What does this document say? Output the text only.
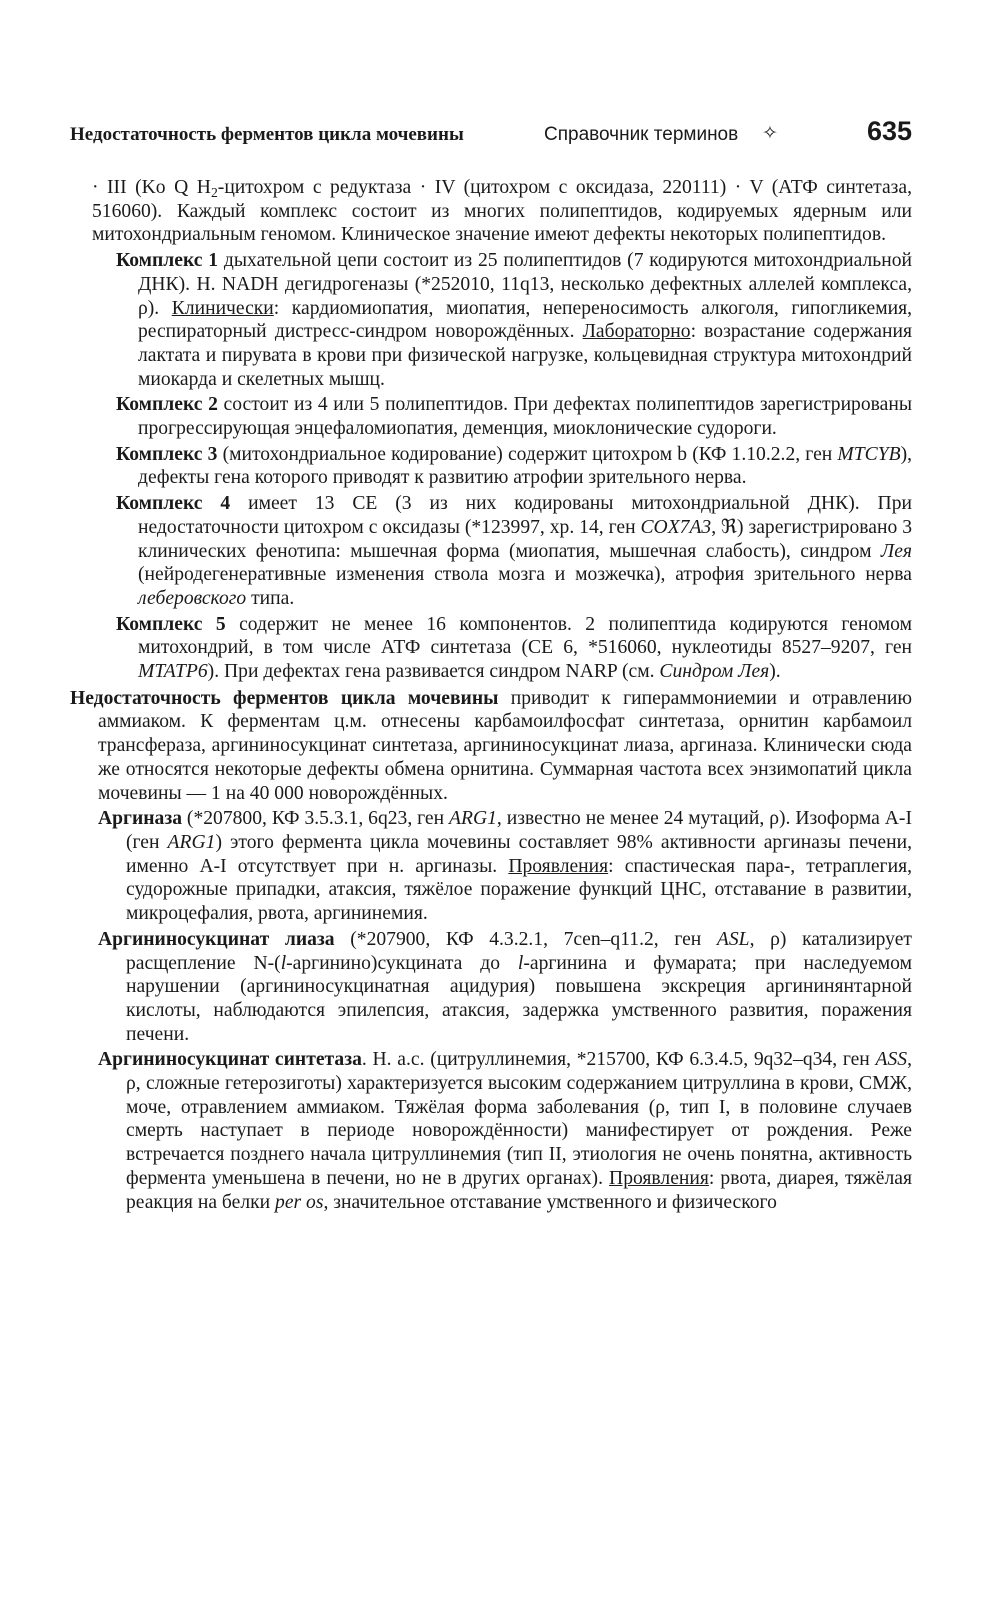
Недостаточность ферментов цикла мочевины	Справочник терминов ✧	635

· III (Ko Q $H_2$-цитохром с редуктаза · IV (цитохром с оксидаза, 220111) · V (АТФ синтетаза, 516060). Каждый комплекс состоит из многих полипептидов, кодируемых ядерным или митохондриальным геномом. Клиническое значение имеют дефекты некоторых полипептидов.

Комплекс 1 дыхательной цепи состоит из 25 полипептидов (7 кодируются митохондриальной ДНК). Н. NADH дегидрогеназы (*252010, 11q13, несколько дефектных аллелей комплекса, ρ). Клинически: кардиомиопатия, миопатия, непереносимость алкоголя, гипогликемия, респираторный дистресс-синдром новорождённых. Лабораторно: возрастание содержания лактата и пирувата в крови при физической нагрузке, кольцевидная структура митохондрий миокарда и скелетных мышц.

Комплекс 2 состоит из 4 или 5 полипептидов. При дефектах полипептидов зарегистрированы прогрессирующая энцефаломиопатия, деменция, миоклонические судороги.

Комплекс 3 (митохондриальное кодирование) содержит цитохром b (КФ 1.10.2.2, ген MTCYB), дефекты гена которого приводят к развитию атрофии зрительного нерва.

Комплекс 4 имеет 13 СЕ (3 из них кодированы митохондриальной ДНК). При недостаточности цитохром с оксидазы (*123997, хр. 14, ген COX7A3, ℜ) зарегистрировано 3 клинических фенотипа: мышечная форма (миопатия, мышечная слабость), синдром Лея (нейродегенеративные изменения ствола мозга и мозжечка), атрофия зрительного нерва леберовского типа.

Комплекс 5 содержит не менее 16 компонентов. 2 полипептида кодируются геномом митохондрий, в том числе АТФ синтетаза (СЕ 6, *516060, нуклеотиды 8527–9207, ген MTATP6). При дефектах гена развивается синдром NARP (см. Синдром Лея).

Недостаточность ферментов цикла мочевины приводит к гипераммониемии и отравлению аммиаком. К ферментам ц.м. отнесены карбамоилфосфат синтетаза, орнитин карбамоил трансфераза, аргининосукцинат синтетаза, аргининосукцинат лиаза, аргиназа. Клинически сюда же относятся некоторые дефекты обмена орнитина. Суммарная частота всех энзимопатий цикла мочевины — 1 на 40 000 новорождённых.

Аргиназа (*207800, КФ 3.5.3.1, 6q23, ген ARG1, известно не менее 24 мутаций, ρ). Изоформа A-I (ген ARG1) этого фермента цикла мочевины составляет 98% активности аргиназы печени, именно A-I отсутствует при н. аргиназы. Проявления: спастическая пара-, тетраплегия, судорожные припадки, атаксия, тяжёлое поражение функций ЦНС, отставание в развитии, микроцефалия, рвота, аргининемия.

Аргининосукцинат лиаза (*207900, КФ 4.3.2.1, 7cen–q11.2, ген ASL, ρ) катализирует расщепление N-(l-аргинино)сукцината до l-аргинина и фумарата; при наследуемом нарушении (аргининосукцинатная ацидурия) повышена экскреция аргининянтарной кислоты, наблюдаются эпилепсия, атаксия, задержка умственного развития, поражения печени.

Аргининосукцинат синтетаза. Н. а.с. (цитруллинемия, *215700, КФ 6.3.4.5, 9q32–q34, ген ASS, ρ, сложные гетерозиготы) характеризуется высоким содержанием цитруллина в крови, СМЖ, моче, отравлением аммиаком. Тяжёлая форма заболевания (ρ, тип I, в половине случаев смерть наступает в периоде новорождённости) манифестирует от рождения. Реже встречается позднего начала цитруллинемия (тип II, этиология не очень понятна, активность фермента уменьшена в печени, но не в других органах). Проявления: рвота, диарея, тяжёлая реакция на белки per os, значительное отставание умственного и физического
